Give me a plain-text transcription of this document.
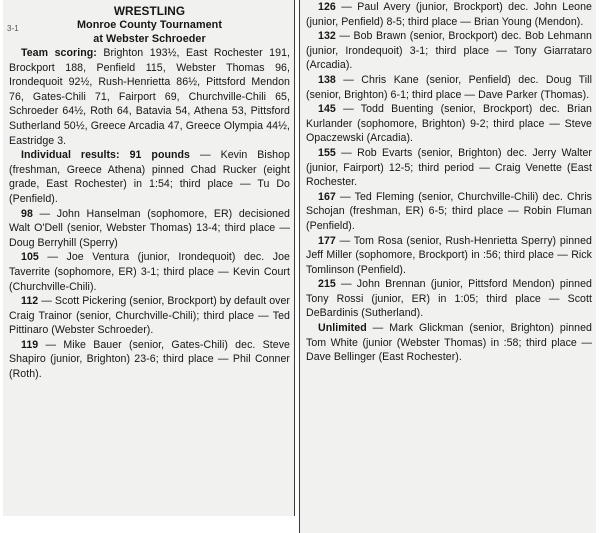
3-1

WRESTLING

Monroe County Tournament

at Webster Schroeder

Team scoring: Brighton 193½, East Rochester 191, Brockport 188, Penfield 115, Webster Thomas 96, Irondequoit 92½, Rush-Henrietta 86½, Pittsford Mendon 76, Gates-Chili 71, Fairport 69, Churchville-Chili 65, Schroeder 64½, Roth 64, Batavia 54, Athena 53, Pittsford Sutherland 50½, Greece Arcadia 47, Greece Olympia 44½, Eastridge 3.

Individual results: 91 pounds — Kevin Bishop (freshman, Greece Athena) pinned Chad Rucker (eight grade, East Rochester) in 1:54; third place — Tu Do (Penfield).

98 — John Hanselman (sophomore, ER) decisioned Walt O'Dell (senior, Webster Thomas) 13-4; third place — Doug Berryhill (Sperry)

105 — Joe Ventura (junior, Irondequoit) dec. Joe Taverrite (sophomore, ER) 3-1; third place — Kevin Court (Churchville-Chili).

112 — Scott Pickering (senior, Brockport) by default over Craig Trainor (senior, Churchville-Chili); third place — Ted Pittinaro (Webster Schroeder).

119 — Mike Bauer (senior, Gates-Chili) dec. Steve Shapiro (junior, Brighton) 23-6; third place — Phil Conner (Roth).

126 — Paul Avery (junior, Brockport) dec. John Leone (junior, Penfield) 8-5; third place — Brian Young (Mendon).

132 — Bob Brawn (senior, Brockport) dec. Bob Lehmann (junior, Irondequoit) 3-1; third place — Tony Giarrataro (Arcadia).

138 — Chris Kane (senior, Penfield) dec. Doug Till (senior, Brighton) 6-1; third place — Dave Parker (Thomas).

145 — Todd Buenting (senior, Brockport) dec. Brian Kurlander (sophomore, Brighton) 9-2; third place — Steve Opaczewski (Arcadia).

155 — Rob Evarts (senior, Brighton) dec. Jerry Walter (junior, Fairport) 12-5; third period — Craig Venette (East Rochester.

167 — Ted Fleming (senior, Churchville-Chili) dec. Chris Schojan (freshman, ER) 6-5; third place — Robin Fluman (Penfield).

177 — Tom Rosa (senior, Rush-Henrietta Sperry) pinned Jeff Miller (sophomore, Brockport) in :56; third place — Rick Tomlinson (Penfield).

215 — John Brennan (junior, Pittsford Mendon) pinned Tony Rossi (junior, ER) in 1:05; third place — Scott DeBardinis (Sutherland).

Unlimited — Mark Glickman (senior, Brighton) pinned Tom White (junior (Webster Thomas) in :58; third place — Dave Bellinger (East Rochester).
